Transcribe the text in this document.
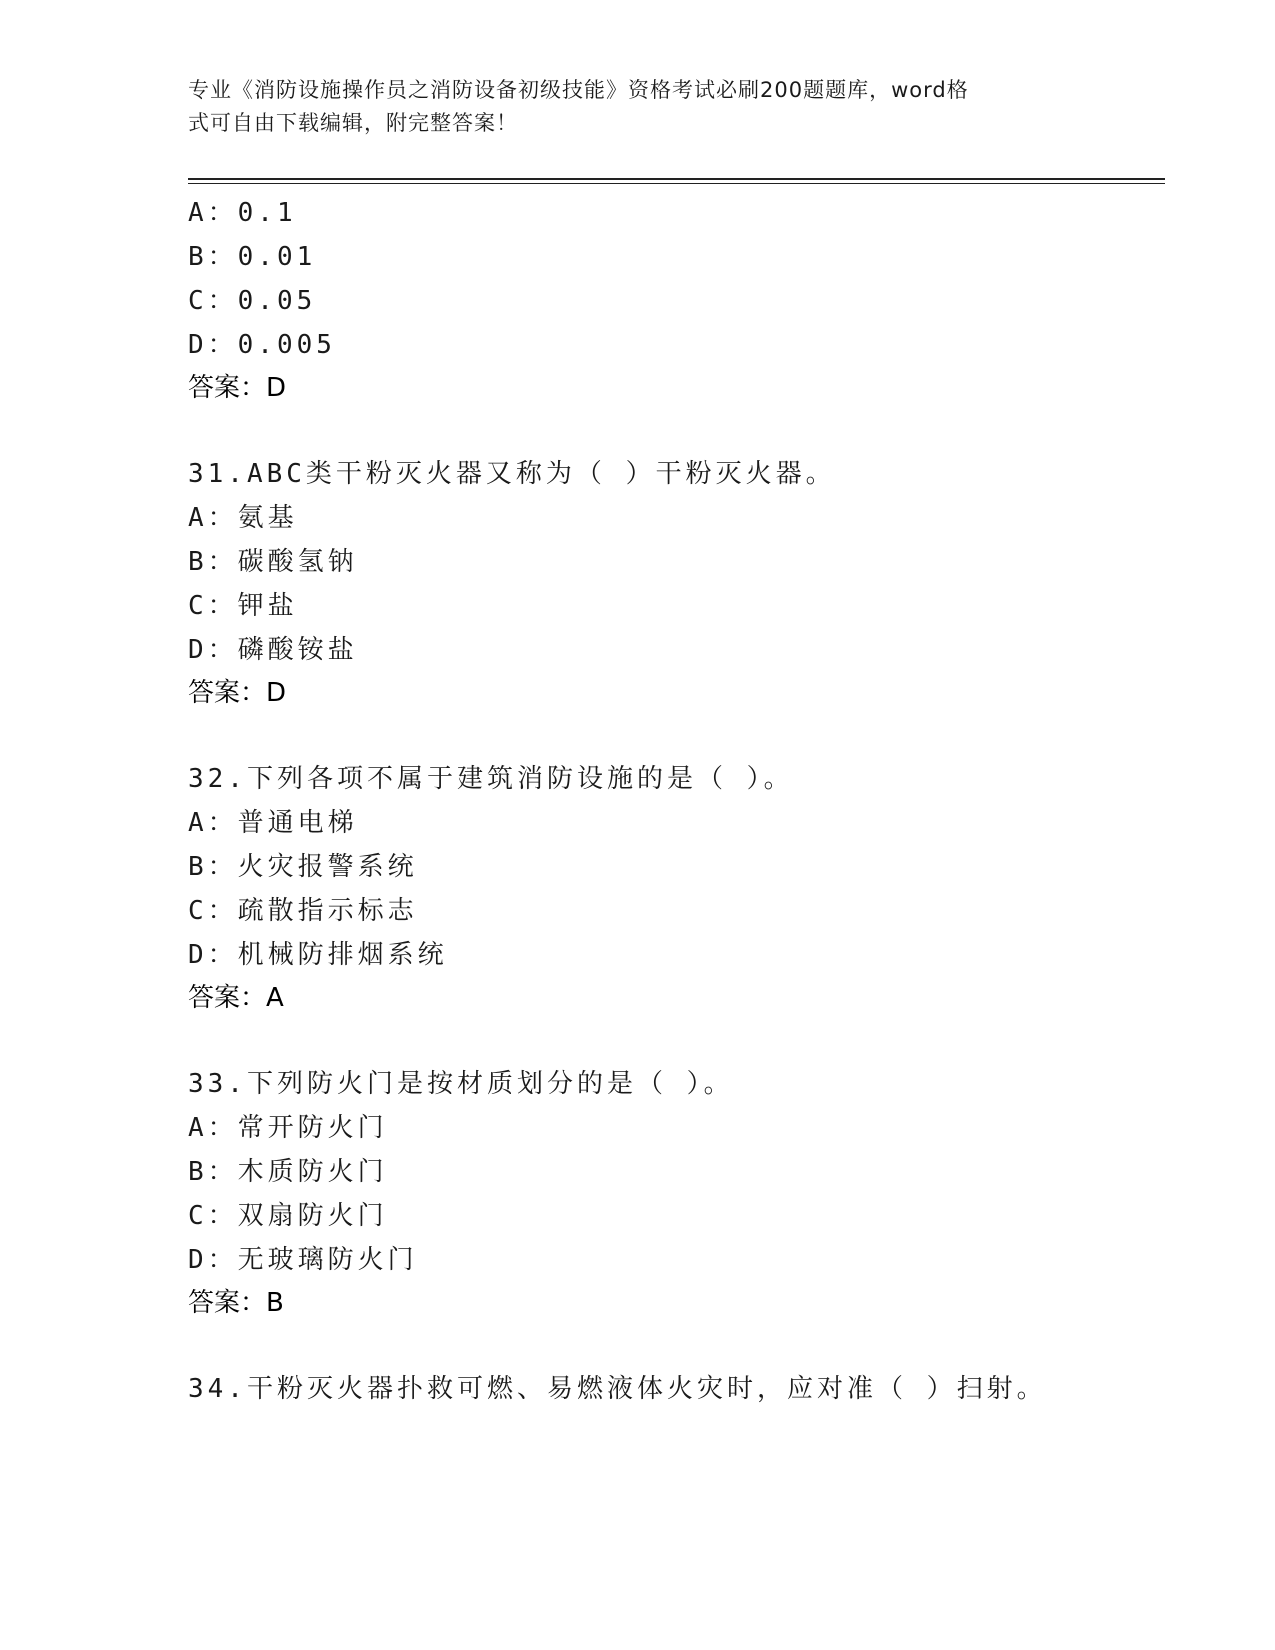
专业《消防设施操作员之消防设备初级技能》资格考试必刷200题题库，word格
式可自由下载编辑，附完整答案！
A：0.1
B：0.01
C：0.05
D：0.005
答案：D
31.ABC类干粉灭火器又称为（ ）干粉灭火器。
A：氨基
B：碳酸氢钠
C：钾盐
D：磷酸铵盐
答案：D
32.下列各项不属于建筑消防设施的是（ ）。
A：普通电梯
B：火灾报警系统
C：疏散指示标志
D：机械防排烟系统
答案：A
33.下列防火门是按材质划分的是（ ）。
A：常开防火门
B：木质防火门
C：双扇防火门
D：无玻璃防火门
答案：B
34.干粉灭火器扑救可燃、易燃液体火灾时，应对准（ ）扫射。
